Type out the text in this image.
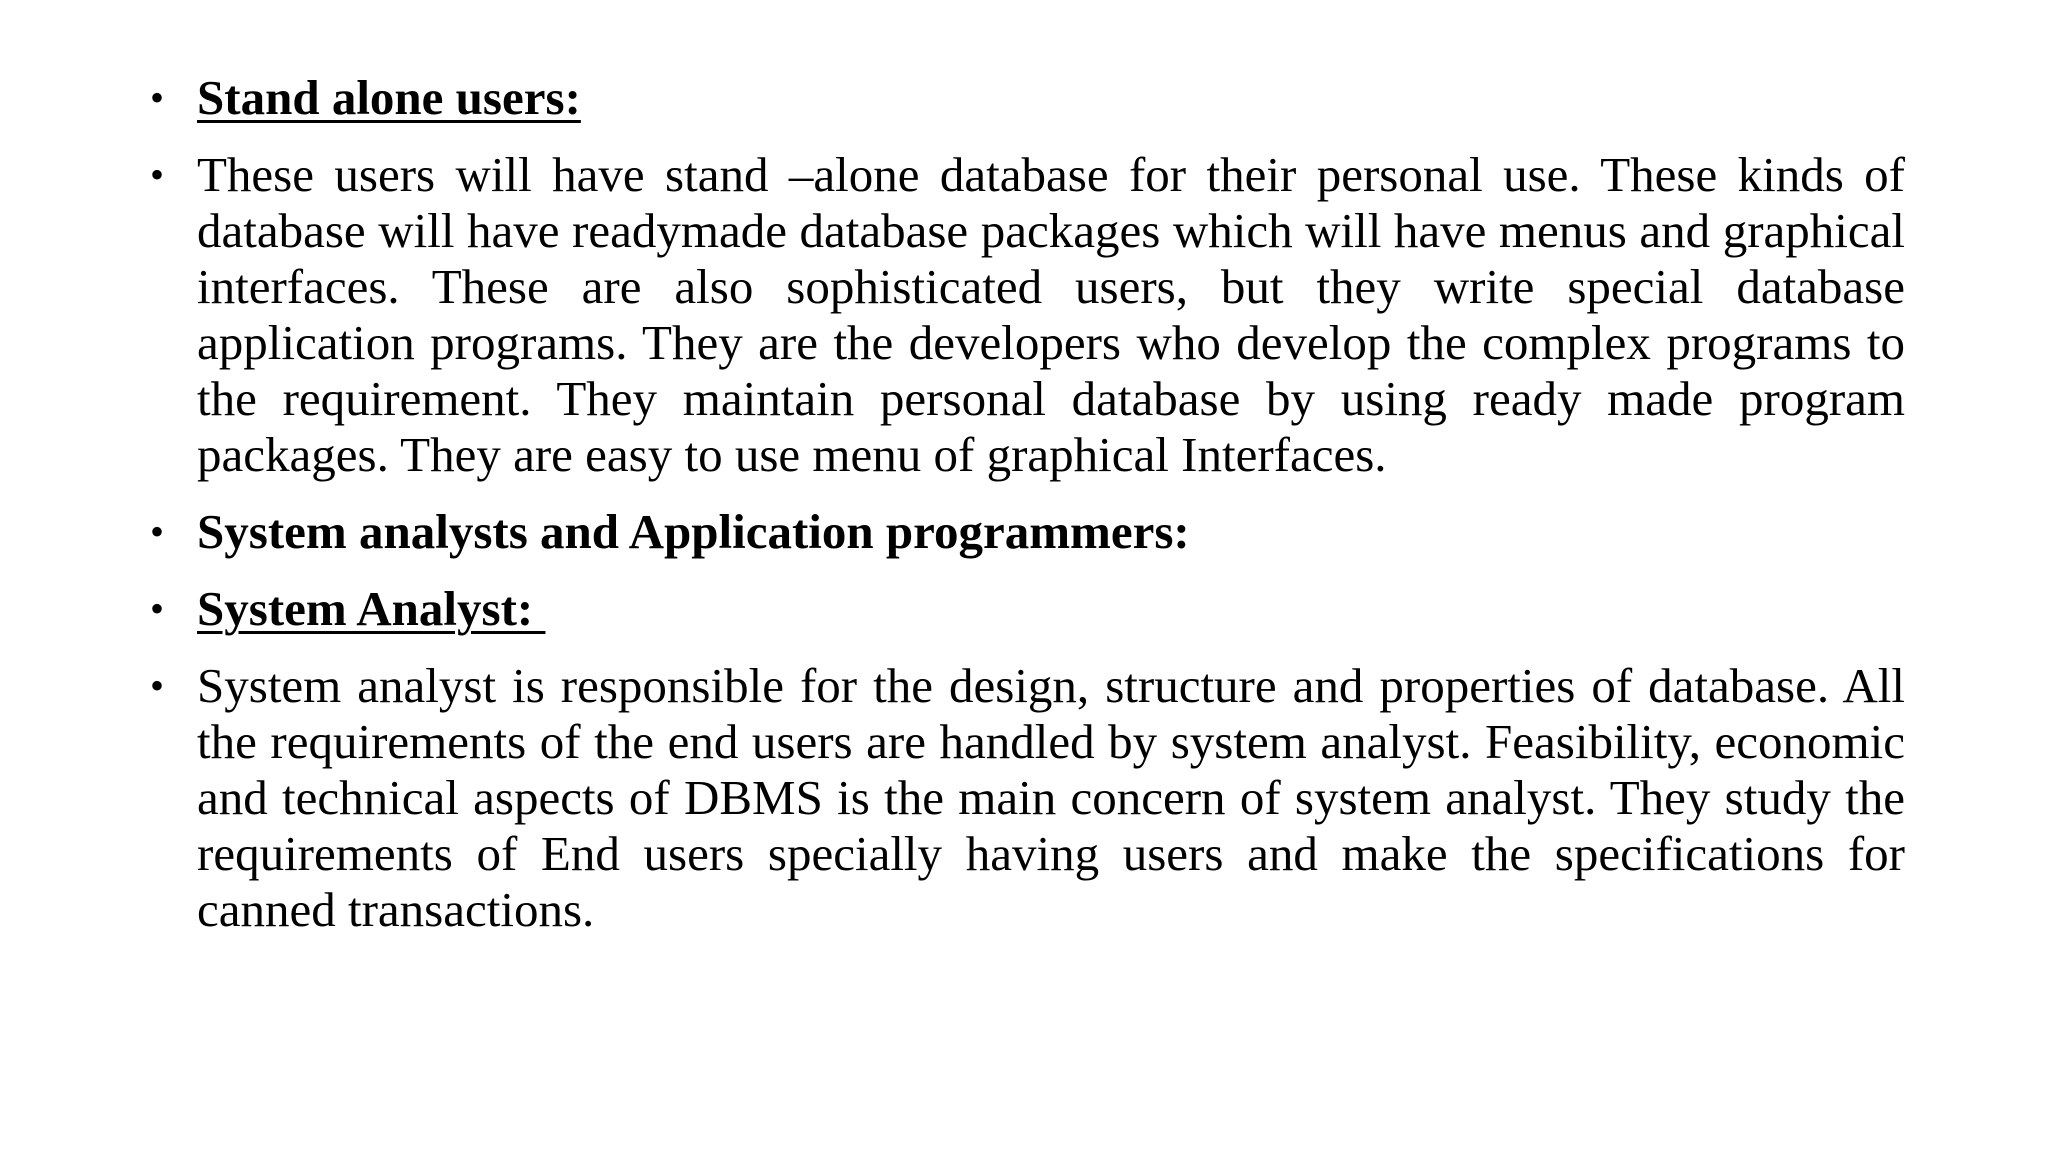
• Stand alone users:
• These users will have stand –alone database for their personal use. These kinds of database will have readymade database packages which will have menus and graphical interfaces. These are also sophisticated users, but they write special database application programs. They are the developers who develop the complex programs to the requirement. They maintain personal database by using ready made program packages. They are easy to use menu of graphical Interfaces.
• System analysts and Application programmers:
• System Analyst:
• System analyst is responsible for the design, structure and properties of database. All the requirements of the end users are handled by system analyst. Feasibility, economic and technical aspects of DBMS is the main concern of system analyst. They study the requirements of End users specially having users and make the specifications for canned transactions.
